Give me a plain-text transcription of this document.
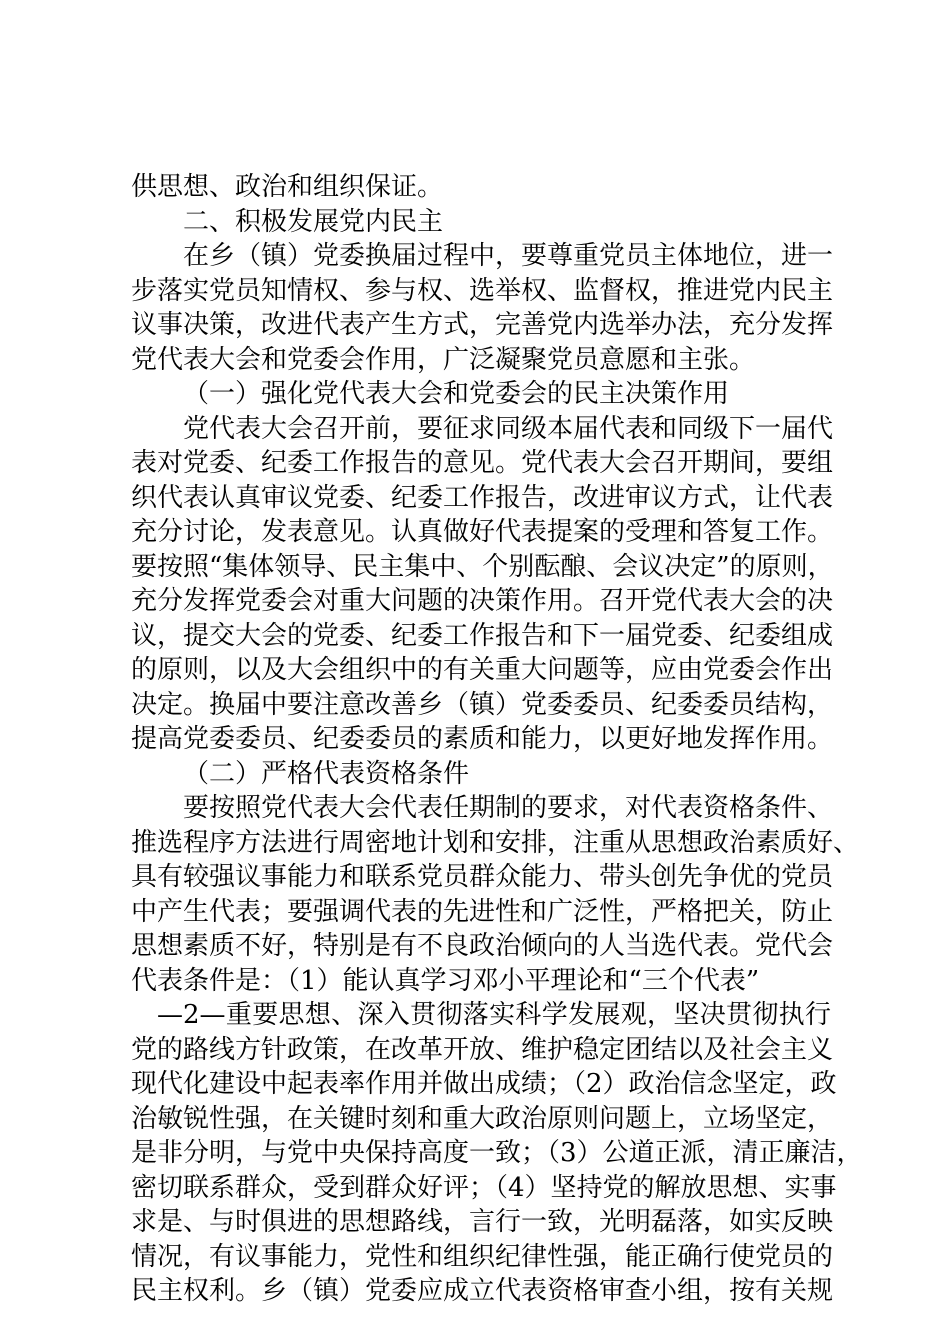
供思想、政治和组织保证。
二、积极发展党内民主
在乡（镇）党委换届过程中，要尊重党员主体地位，进一
步落实党员知情权、参与权、选举权、监督权，推进党内民主
议事决策，改进代表产生方式，完善党内选举办法，充分发挥
党代表大会和党委会作用，广泛凝聚党员意愿和主张。
（一）强化党代表大会和党委会的民主决策作用
党代表大会召开前，要征求同级本届代表和同级下一届代
表对党委、纪委工作报告的意见。党代表大会召开期间，要组
织代表认真审议党委、纪委工作报告，改进审议方式，让代表
充分讨论，发表意见。认真做好代表提案的受理和答复工作。
要按照“集体领导、民主集中、个别酝酿、会议决定”的原则，
充分发挥党委会对重大问题的决策作用。召开党代表大会的决
议，提交大会的党委、纪委工作报告和下一届党委、纪委组成
的原则，以及大会组织中的有关重大问题等，应由党委会作出
决定。换届中要注意改善乡（镇）党委委员、纪委委员结构，
提高党委委员、纪委委员的素质和能力，以更好地发挥作用。
（二）严格代表资格条件
要按照党代表大会代表任期制的要求，对代表资格条件、
推选程序方法进行周密地计划和安排，注重从思想政治素质好、
具有较强议事能力和联系党员群众能力、带头创先争优的党员
中产生代表；要强调代表的先进性和广泛性，严格把关，防止
思想素质不好，特别是有不良政治倾向的人当选代表。党代会
代表条件是：（1）能认真学习邓小平理论和“三个代表”
—2—重要思想、深入贯彻落实科学发展观，坚决贯彻执行
党的路线方针政策，在改革开放、维护稳定团结以及社会主义
现代化建设中起表率作用并做出成绩；（2）政治信念坚定，政
治敏锐性强，在关键时刻和重大政治原则问题上，立场坚定，
是非分明，与党中央保持高度一致；（3）公道正派，清正廉洁，
密切联系群众，受到群众好评；（4）坚持党的解放思想、实事
求是、与时俱进的思想路线，言行一致，光明磊落，如实反映
情况，有议事能力，党性和组织纪律性强，能正确行使党员的
民主权利。乡（镇）党委应成立代表资格审查小组，按有关规
